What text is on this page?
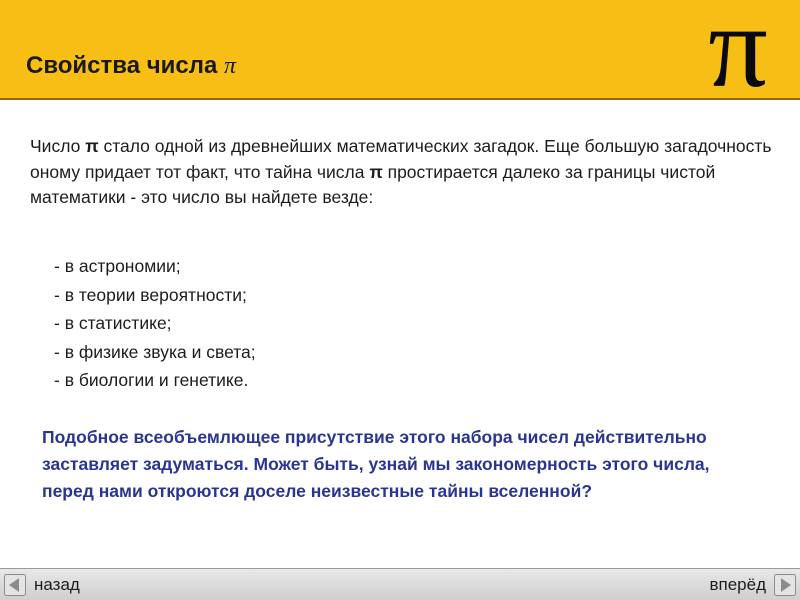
Свойства числа π	π
Число π стало одной из древнейших математических загадок. Еще большую загадочность оному придает тот факт, что тайна числа π простирается далеко за границы чистой математики - это число вы найдете везде:
- в астрономии;
- в теории вероятности;
- в статистике;
- в физике звука и света;
- в биологии и генетике.
Подобное всеобъемлющее присутствие этого набора чисел действительно заставляет задуматься. Может быть, узнай мы закономерность этого числа, перед нами откроются доселе неизвестные тайны вселенной?
назад	вперёд
